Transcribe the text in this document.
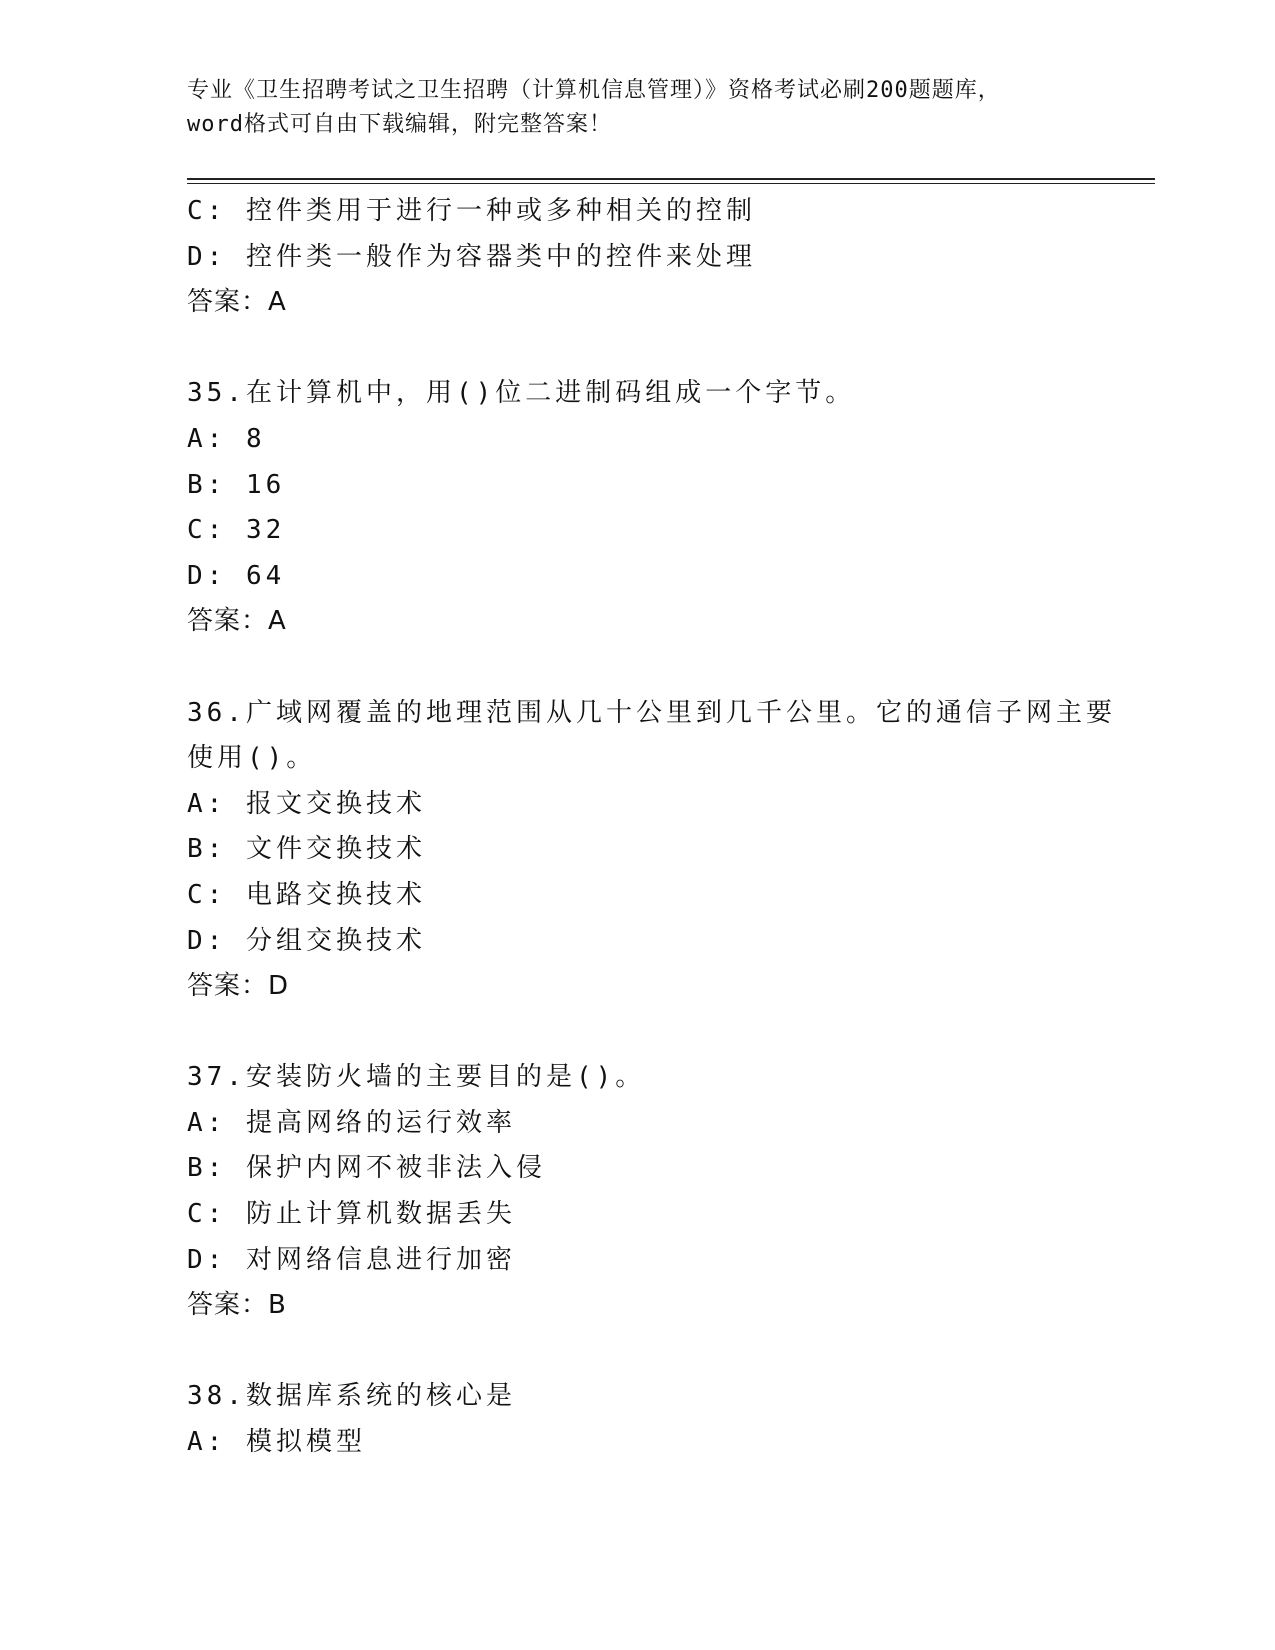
专业《卫生招聘考试之卫生招聘（计算机信息管理）》资格考试必刷200题题库，
word格式可自由下载编辑，附完整答案！
C: 控件类用于进行一种或多种相关的控制
D: 控件类一般作为容器类中的控件来处理
答案：A
35.在计算机中，用()位二进制码组成一个字节。
A: 8
B: 16
C: 32
D: 64
答案：A
36.广域网覆盖的地理范围从几十公里到几千公里。它的通信子网主要
使用()。
A: 报文交换技术
B: 文件交换技术
C: 电路交换技术
D: 分组交换技术
答案：D
37.安装防火墙的主要目的是()。
A: 提高网络的运行效率
B: 保护内网不被非法入侵
C: 防止计算机数据丢失
D: 对网络信息进行加密
答案：B
38.数据库系统的核心是
A: 模拟模型
